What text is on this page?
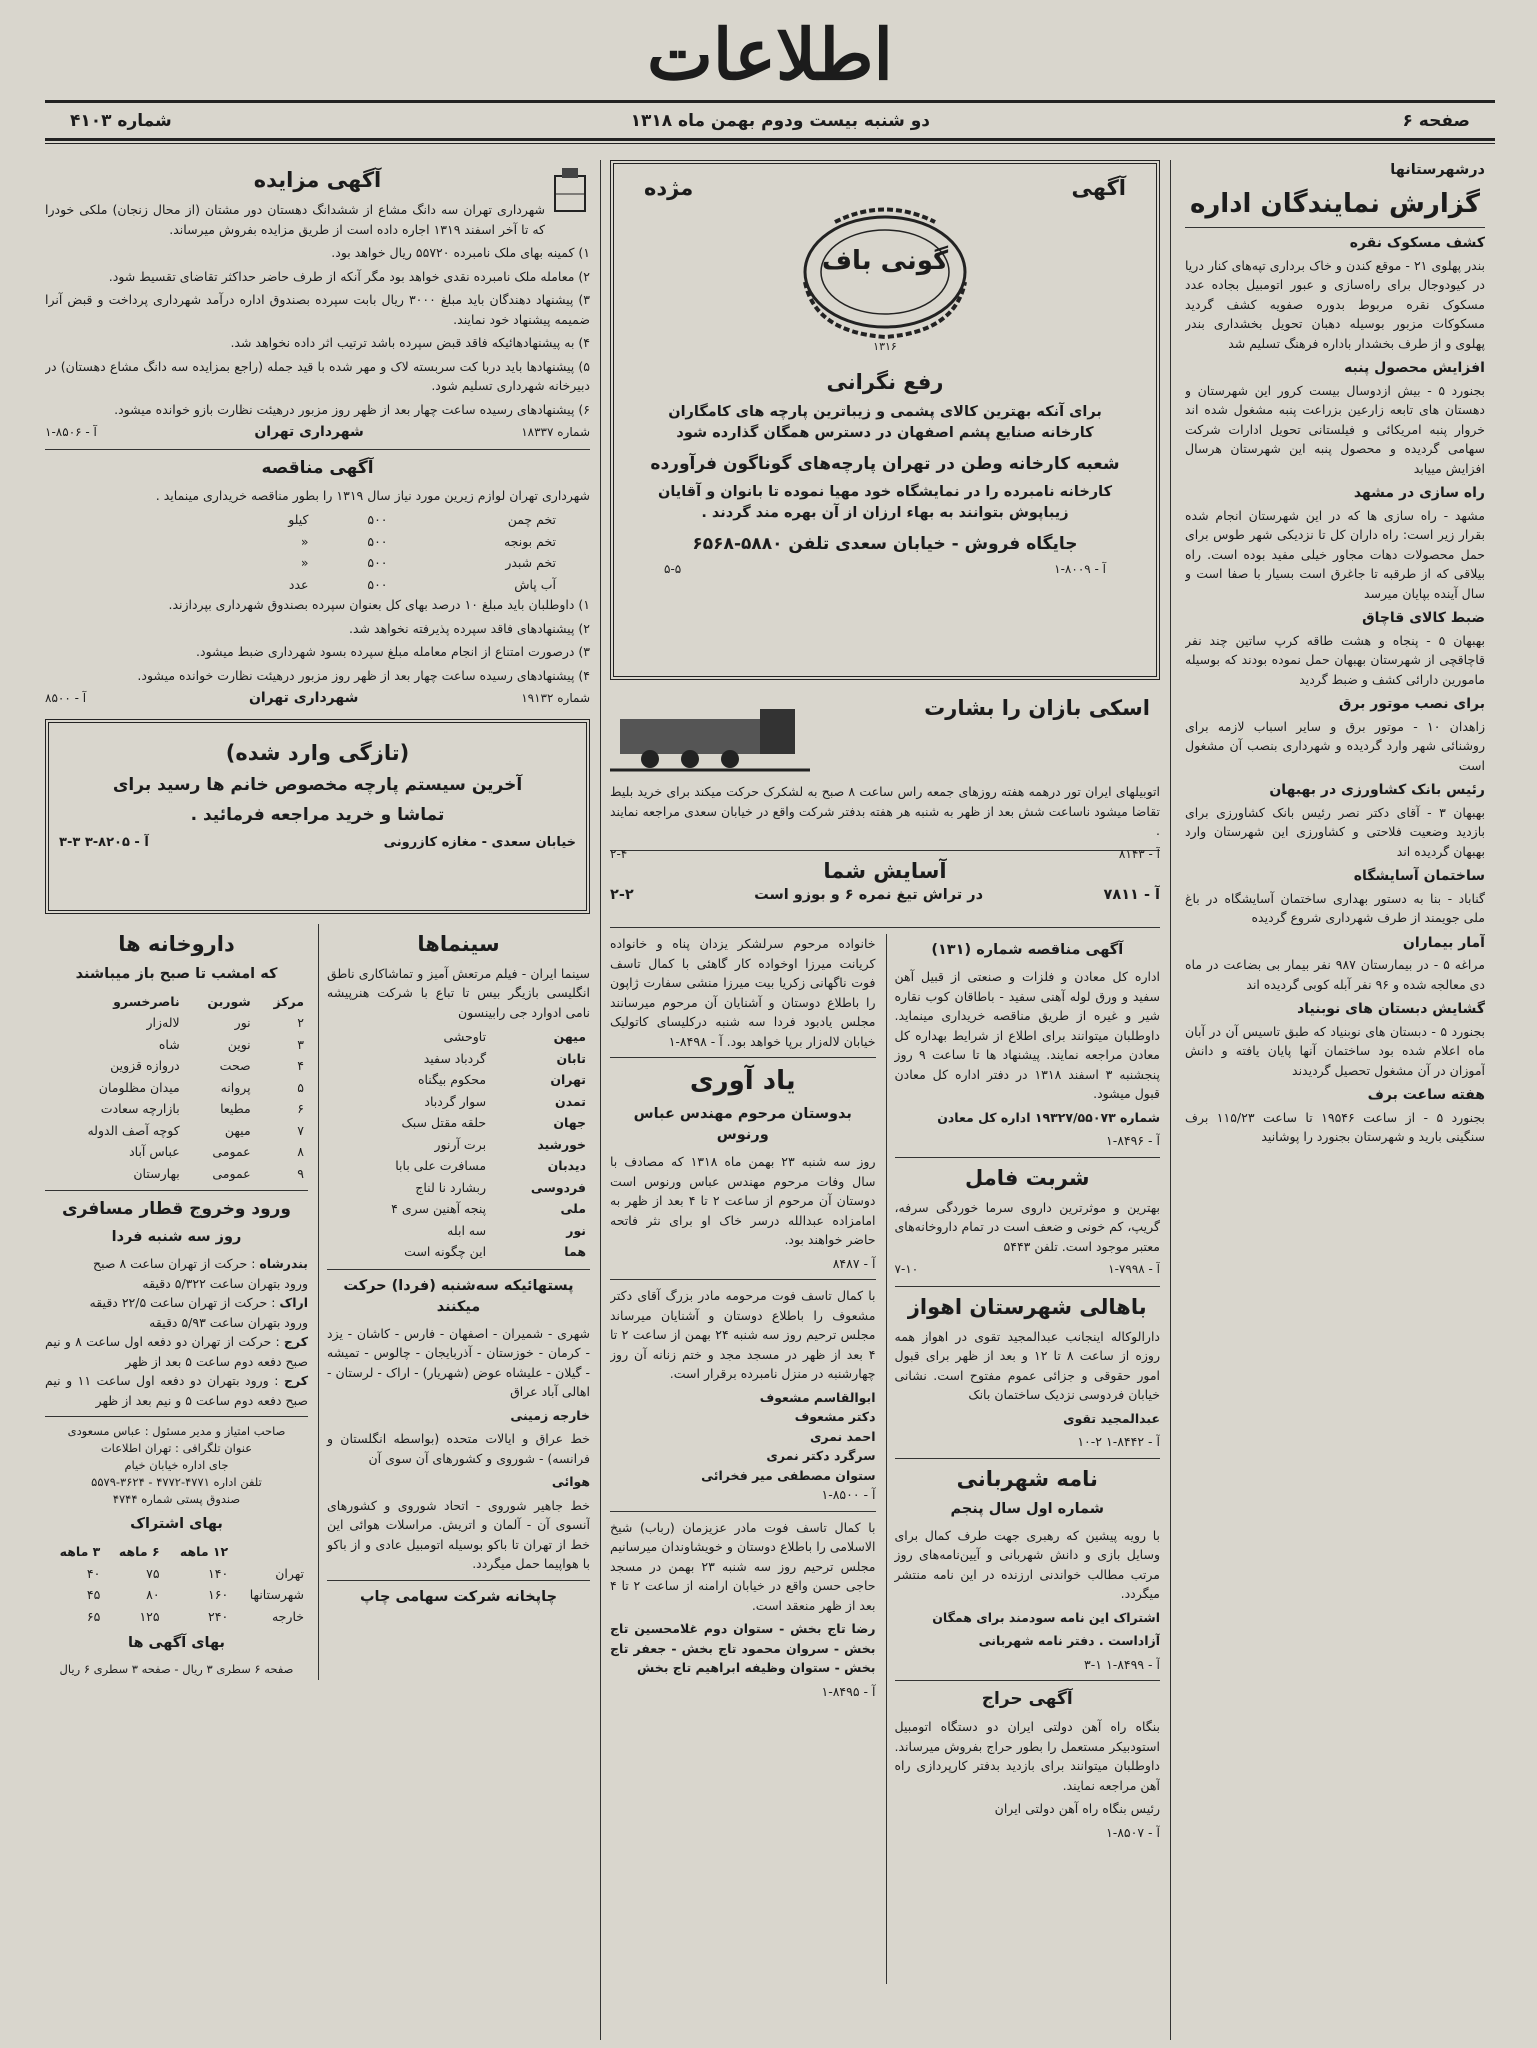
اطلاعات
صفحه ۶
دو شنبه بیست ودوم بهمن ماه ۱۳۱۸
شماره ۴۱۰۳
درشهرستانها
گزارش نمایندگان اداره
کشف مسکوک نقره

بندر پهلوی ۲۱ - موقع کندن و خاک برداری تپه‌های کنار دریا در کیودوجال برای راه‌سازی و عبور اتومبیل بجاده عدد مسکوک نقره مربوط بدوره صفویه کشف گردید مسکوکات مزبور بوسیله دهبان تحویل بخشداری بندر پهلوی و از طرف بخشدار باداره فرهنگ تسلیم شد

افزایش محصول پنبه

بجنورد ۵ - بیش ازدوسال بیست کرور این شهرستان و دهستان های تابعه زارعین بزراعت پنبه مشغول شده اند خروار پنبه امریکائی و فیلستانی تحویل ادارات شرکت سهامی گردیده و محصول پنبه این شهرستان هرسال افزایش مییابد

راه سازی در مشهد

مشهد - راه سازی ها که در این شهرستان انجام شده بقرار زیر است: راه داران کل تا نزدیکی شهر طوس برای حمل محصولات دهات مجاور خیلی مفید بوده است. راه بیلاقی که از طرقبه تا جاغرق است بسیار با صفا است و سال آینده بپایان میرسد

ضبط کالای قاچاق

بهبهان ۵ - پنجاه و هشت طاقه کرپ ساتین چند نفر قاچاقچی از شهرستان بهبهان حمل نموده بودند که بوسیله مامورین دارائی کشف و ضبط گردید

برای نصب موتور برق

زاهدان ۱۰ - موتور برق و سایر اسباب لازمه برای روشنائی شهر وارد گردیده و شهرداری بنصب آن مشغول است

رئیس بانک کشاورزی در بهبهان

بهبهان ۳ - آقای دکتر نصر رئیس بانک کشاورزی برای بازدید وضعیت فلاحتی و کشاورزی این شهرستان وارد بهبهان گردیده اند

ساختمان آسایشگاه

گناباد - بنا به دستور بهداری ساختمان آسایشگاه در باغ ملی جویمند از طرف شهرداری شروع گردیده

آمار بیماران

مراغه ۵ - در بیمارستان ۹۸۷ نفر بیمار بی بضاعت در ماه دی معالجه شده و ۹۶ نفر آبله کوبی گردیده اند

گشایش دبستان های نوبنیاد

بجنورد ۵ - دبستان های نوبنیاد که طبق تاسیس آن در آبان ماه اعلام شده بود ساختمان آنها پایان یافته و دانش آموزان در آن مشغول تحصیل گردیدند

هفته ساعت برف

بجنورد ۵ - از ساعت ۱۹۵۴۶ تا ساعت ۱۱۵/۲۳ برف سنگینی بارید و شهرستان بجنورد را پوشانید

آگهی
مژده
گونی باف
۱۳۱۶
رفع نگرانی
برای آنکه بهترین کالای پشمی و زیباترین پارچه های کامگاران
کارخانه صنایع پشم اصفهان در دسترس همگان گذارده شود
شعبه کارخانه وطن در تهران پارچه‌های گوناگون فرآورده
کارخانه نامبرده را در نمایشگاه خود مهیا نموده تا بانوان و آقایان
زیباپوش بتوانند به بهاء ارزان از آن بهره مند گردند .
جایگاه فروش - خیابان سعدی تلفن ۵۸۸۰-۶۵۶۸
آ - ۸۰۰۹-۱
۵-۵
اسکی بازان را بشارت
اتوبیلهای ایران تور درهمه هفته روزهای جمعه راس ساعت ۸ صبح به لشکرک حرکت میکند برای خرید بلیط تقاضا میشود ناساعت شش بعد از ظهر به شنبه هر هفته بدفتر شرکت واقع در خیابان سعدی مراجعه نمایند .
آ - ۸۱۴۳
۲-۴
آسایش شما
آ - ۷۸۱۱
در تراش تیغ نمره ۶ و بوزو است
۲-۲
آگهی مناقصه شماره (۱۳۱)

اداره کل معادن و فلزات و صنعتی از قبیل آهن سفید و ورق لوله آهنی سفید - باطاقان کوب نقاره شیر و غیره از طریق مناقصه خریداری مینماید. داوطلبان میتوانند برای اطلاع از شرایط بهداره کل معادن مراجعه نمایند. پیشنهاد ها تا ساعت ۹ روز پنجشنبه ۳ اسفند ۱۳۱۸ در دفتر اداره کل معادن قبول میشود.

شماره ۱۹۳۲۷/۵۵۰۷۳ اداره کل معادن

آ - ۸۴۹۶-۱

شربت فامل

بهترین و موثرترین داروی سرما خوردگی سرفه، گریپ، کم خونی و ضعف است در تمام داروخانه‌های معتبر موجود است. تلفن ۵۴۴۳

آ - ۷۹۹۸-۱
۷-۱۰
باهالی شهرستان اهواز

دارالوکاله اینجانب عبدالمجید تقوی در اهواز همه روزه از ساعت ۸ تا ۱۲ و بعد از ظهر برای قبول امور حقوقی و جزائی عموم مفتوح است. نشانی خیابان فردوسی نزدیک ساختمان بانک

عبدالمجید تقوی

آ - ۸۴۴۲-۱ ۲-۱۰

نامه شهربانی
شماره اول سال پنجم

با رویه پیشین که رهبری جهت طرف کمال برای وسایل بازی و دانش شهربانی و آیین‌نامه‌های روز مرتب مطالب خواندنی ارزنده در این نامه منتشر میگردد.

اشتراک این نامه سودمند برای همگان

آزاداست . دفتر نامه شهربانی

آ - ۸۴۹۹-۱ ۱-۳

آگهی حراج

بنگاه راه آهن دولتی ایران دو دستگاه اتومبیل استودبیکر مستعمل را بطور حراج بفروش میرساند. داوطلبان میتوانند برای بازدید بدفتر کارپردازی راه آهن مراجعه نمایند.

رئیس بنگاه راه آهن دولتی ایران

آ - ۸۵۰۷-۱

خانواده مرحوم سرلشکر یزدان پناه و خانواده کریانت میرزا اوخواده کار گاهئی با کمال تاسف فوت ناگهانی زکریا بیت میرزا منشی سفارت ژاپون را باطلاع دوستان و آشنایان آن مرحوم میرسانند مجلس یادبود فردا سه شنبه درکلیسای کاتولیک خیابان لاله‌زار برپا خواهد بود. آ - ۸۴۹۸-۱

یاد آوری
بدوستان مرحوم مهندس عباس ورنوس

روز سه شنبه ۲۳ بهمن ماه ۱۳۱۸ که مصادف با سال وفات مرحوم مهندس عباس ورنوس است دوستان آن مرحوم از ساعت ۲ تا ۴ بعد از ظهر به امامزاده عبدالله درسر خاک او برای نثر فاتحه حاضر خواهند بود.

آ - ۸۴۸۷

با کمال تاسف فوت مرحومه مادر بزرگ آقای دکتر مشعوف را باطلاع دوستان و آشنایان میرساند مجلس ترحیم روز سه شنبه ۲۴ بهمن از ساعت ۲ تا ۴ بعد از ظهر در مسجد مجد و ختم زنانه آن روز چهارشنبه در منزل نامبرده برقرار است.

ابوالقاسم مشعوف
دکتر مشعوف
احمد نمری
سرگرد دکتر نمری
ستوان مصطفی میر فخرائی

آ - ۸۵۰۰-۱

با کمال تاسف فوت مادر عزیزمان (رباب) شیخ الاسلامی را باطلاع دوستان و خویشاوندان میرسانیم مجلس ترحیم روز سه شنبه ۲۳ بهمن در مسجد حاجی حسن واقع در خیابان ارامنه از ساعت ۲ تا ۴ بعد از ظهر منعقد است.

رضا تاج بخش - ستوان دوم غلامحسین تاج بخش - سروان محمود تاج بخش - جعفر تاج بخش - ستوان وظیفه ابراهیم تاج بخش

آ - ۸۴۹۵-۱

آگهی مزایده

شهرداری تهران سه دانگ مشاع از ششدانگ دهستان دور مشتان (از محال زنجان) ملکی خودرا که تا آخر اسفند ۱۳۱۹ اجاره داده است از طریق مزایده بفروش میرساند.

۱) کمینه بهای ملک نامبرده ۵۵۷۲۰ ریال خواهد بود.

۲) معامله ملک نامبرده نقدی خواهد بود مگر آنکه از طرف حاضر حداکثر تقاضای تقسیط شود.

۳) پیشنهاد دهندگان باید مبلغ ۳۰۰۰ ریال بابت سپرده بصندوق اداره درآمد شهرداری پرداخت و قبض آنرا ضمیمه پیشنهاد خود نمایند.

۴) به پیشنهادهائیکه فاقد قبض سپرده باشد ترتیب اثر داده نخواهد شد.

۵) پیشنهادها باید دربا کت سربسته لاک و مهر شده با قید جمله (راجع بمزایده سه دانگ مشاع دهستان) در دبیرخانه شهرداری تسلیم شود.

۶) پیشنهادهای رسیده ساعت چهار بعد از ظهر روز مزبور درهیئت نظارت بازو خوانده میشود.

شماره ۱۸۳۳۷
شهرداری تهران
آ - ۸۵۰۶-۱
آگهی مناقصه

شهرداری تهران لوازم زیرین مورد نیاز سال ۱۳۱۹ را بطور مناقصه خریداری مینماید .

تخم چمن	۵۰۰	کیلو
تخم بونجه	۵۰۰	«
تخم شبدر	۵۰۰	«
آب پاش	۵۰۰	عدد

۱) داوطلبان باید مبلغ ۱۰ درصد بهای کل بعنوان سپرده بصندوق شهرداری بپردازند.

۲) پیشنهادهای فاقد سپرده پذیرفته نخواهد شد.

۳) درصورت امتناع از انجام معامله مبلغ سپرده بسود شهرداری ضبط میشود.

۴) پیشنهادهای رسیده ساعت چهار بعد از ظهر روز مزبور درهیئت نظارت خوانده میشود.

شماره ۱۹۱۳۲
شهرداری تهران
آ - ۸۵۰۰
(تازگی وارد شده)
آخرین سیستم پارچه مخصوص خانم ها رسید برای
تماشا و خرید مراجعه فرمائید .
خیابان سعدی - مغازه کازرونی
آ - ۸۲۰۵-۳ ۳-۳
سینماها

سینما ایران - فیلم مرتعش آمیز و تماشاکاری ناطق انگلیسی بازیگر بیس تا تباع با شرکت هنرپیشه نامی ادوارد جی رابینسون

میهن	تاوحشی
تابان	گردباد سفید
تهران	محکوم بیگناه
تمدن	سوار گردباد
جهان	حلقه مقتل سبک
خورشید	برت آرنور
دیدبان	مسافرت علی بابا
فردوسی	ربشارد نا لناج
ملی	پنجه آهنین سری ۴
نور	سه ابله
هما	این چگونه است
پستهائیکه سه‌شنبه (فردا) حرکت میکنند

شهری - شمیران - اصفهان - فارس - کاشان - یزد - کرمان - خوزستان - آذربایجان - چالوس - تمیشه - گیلان - علیشاه عوض (شهریار) - اراک - لرستان - اهالی آباد عراق

خارجه زمینی

خط عراق و ایالات متحده (بواسطه انگلستان و فرانسه) - شوروی و کشورهای آن سوی آن

هوائی

خط جاهیر شوروی - اتحاد شوروی و کشورهای آنسوی آن - آلمان و اتریش. مراسلات هوائی این خط از تهران تا باکو بوسیله اتومبیل عادی و از باکو با هواپیما حمل میگردد.

چاپخانه شرکت سهامی چاپ
داروخانه ها
که امشب تا صبح باز میباشند
مرکز	شوربن	ناصرخسرو
۲	نور	لاله‌زار
۳	نوین	شاه
۴	صحت	دروازه قزوین
۵	پروانه	میدان مظلومان
۶	مطیعا	بازارچه سعادت
۷	میهن	کوچه آصف الدوله
۸	عمومی	عباس آباد
۹	عمومی	بهارستان
ورود وخروج قطار مسافری
روز سه شنبه فردا
بندرشاه : حرکت از تهران ساعت ۸ صبح
ورود بتهران ساعت ۵/۳۲۲ دقیقه
اراک : حرکت از تهران ساعت ۲۲/۵ دقیقه
ورود بتهران ساعت ۵/۹۳ دقیقه
کرج : حرکت از تهران دو دفعه اول ساعت ۸ و نیم صبح دفعه دوم ساعت ۵ بعد از ظهر
کرج : ورود بتهران دو دفعه اول ساعت ۱۱ و نیم صبح دفعه دوم ساعت ۵ و نیم بعد از ظهر
صاحب امتیاز و مدیر مسئول : عباس مسعودی
عنوان تلگرافی : تهران اطلاعات
جای اداره خیابان خیام
تلفن اداره ۴۷۷۱-۴۷۷۲ - ۳۶۲۴-۵۵۷۹
صندوق پستی شماره ۴۷۴۴
بهای اشتراک
	۱۲ ماهه	۶ ماهه	۳ ماهه
تهران	۱۴۰	۷۵	۴۰
شهرستانها	۱۶۰	۸۰	۴۵
خارجه	۲۴۰	۱۲۵	۶۵
بهای آگهی ها
صفحه ۶ سطری ۳ ریال - صفحه ۳ سطری ۶ ریال
